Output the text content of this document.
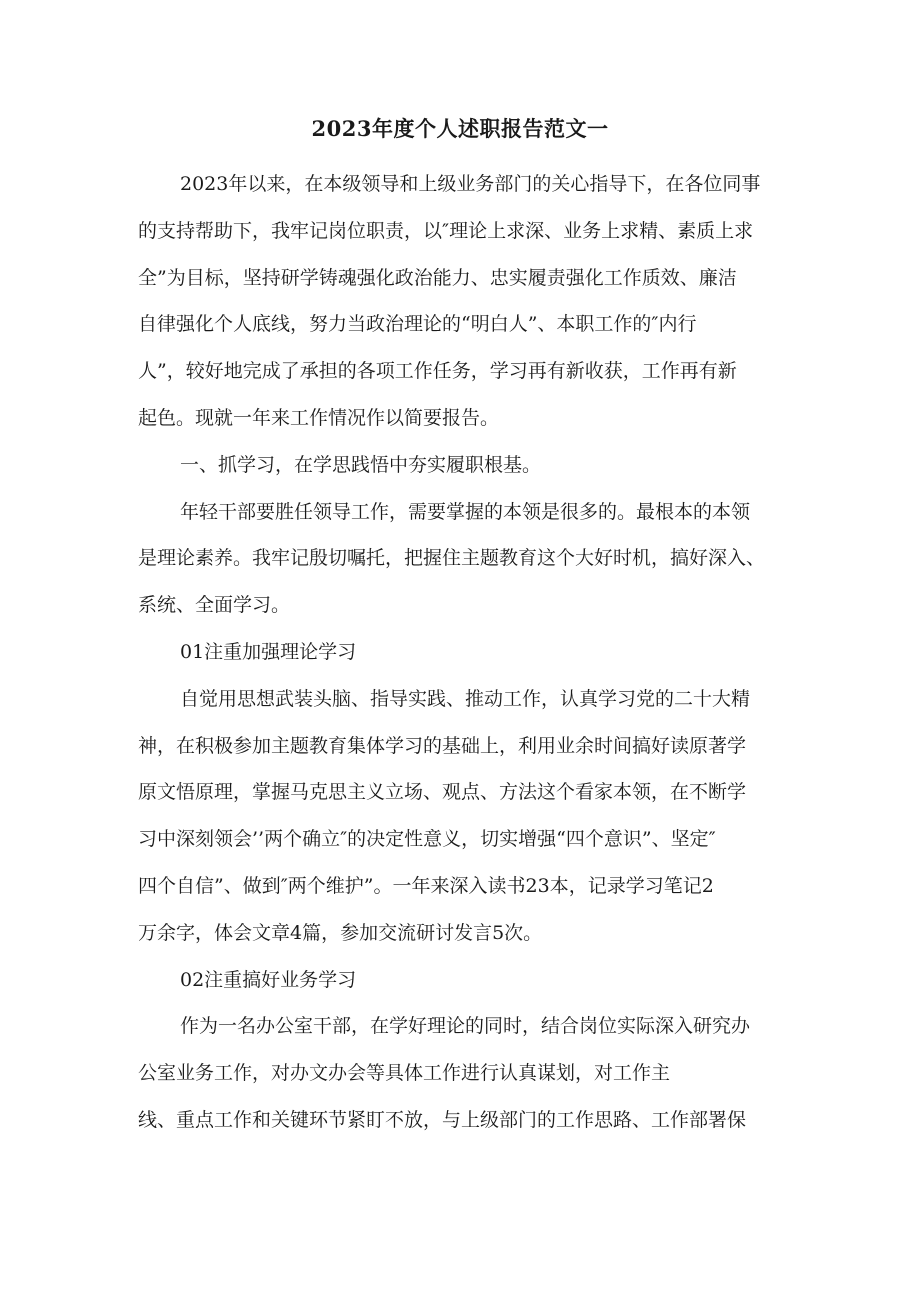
2023年度个人述职报告范文一
2023年以来，在本级领导和上级业务部门的关心指导下，在各位同事
的支持帮助下，我牢记岗位职责，以″理论上求深、业务上求精、素质上求
全”为目标，坚持研学铸魂强化政治能力、忠实履责强化工作质效、廉洁
自律强化个人底线，努力当政治理论的“明白人”、本职工作的″内行
人”，较好地完成了承担的各项工作任务，学习再有新收获，工作再有新
起色。现就一年来工作情况作以简要报告。
一、抓学习，在学思践悟中夯实履职根基。
年轻干部要胜任领导工作，需要掌握的本领是很多的。最根本的本领
是理论素养。我牢记殷切嘱托，把握住主题教育这个大好时机，搞好深入、
系统、全面学习。
01注重加强理论学习
自觉用思想武装头脑、指导实践、推动工作，认真学习党的二十大精
神，在积极参加主题教育集体学习的基础上，利用业余时间搞好读原著学
原文悟原理，掌握马克思主义立场、观点、方法这个看家本领，在不断学
习中深刻领会’’两个确立″的决定性意义，切实增强“四个意识”、坚定″
四个自信”、做到″两个维护”。一年来深入读书23本，记录学习笔记2
万余字，体会文章4篇，参加交流研讨发言5次。
02注重搞好业务学习
作为一名办公室干部，在学好理论的同时，结合岗位实际深入研究办
公室业务工作，对办文办会等具体工作进行认真谋划，对工作主
线、重点工作和关键环节紧盯不放，与上级部门的工作思路、工作部署保
